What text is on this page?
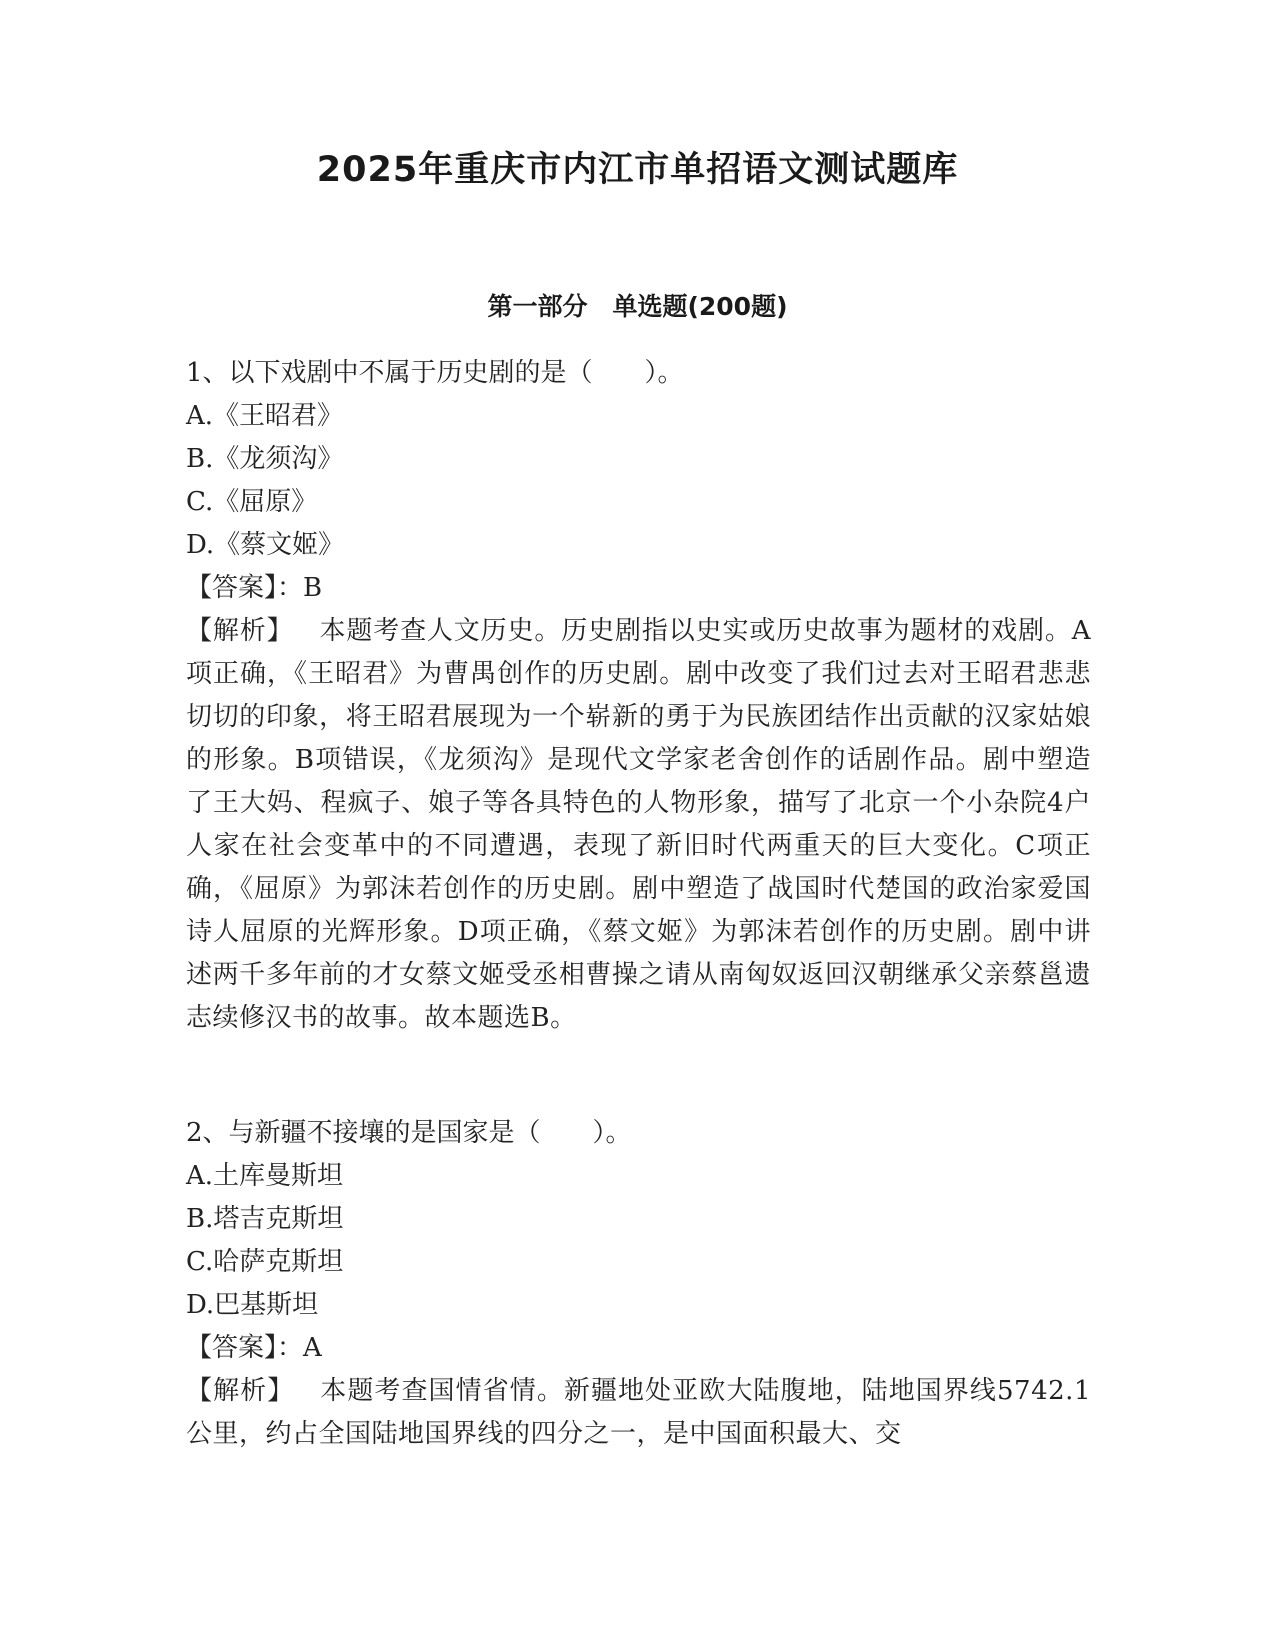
2025年重庆市内江市单招语文测试题库
第一部分　单选题(200题)
1、以下戏剧中不属于历史剧的是（　　）。
A.《王昭君》
B.《龙须沟》
C.《屈原》
D.《蔡文姬》
【答案】：B
【解析】 本题考查人文历史。历史剧指以史实或历史故事为题材的戏剧。A项正确，《王昭君》为曹禺创作的历史剧。剧中改变了我们过去对王昭君悲悲切切的印象，将王昭君展现为一个崭新的勇于为民族团结作出贡献的汉家姑娘的形象。B项错误，《龙须沟》是现代文学家老舍创作的话剧作品。剧中塑造了王大妈、程疯子、娘子等各具特色的人物形象，描写了北京一个小杂院4户人家在社会变革中的不同遭遇，表现了新旧时代两重天的巨大变化。C项正确，《屈原》为郭沫若创作的历史剧。剧中塑造了战国时代楚国的政治家爱国诗人屈原的光辉形象。D项正确，《蔡文姬》为郭沫若创作的历史剧。剧中讲述两千多年前的才女蔡文姬受丞相曹操之请从南匈奴返回汉朝继承父亲蔡邕遗志续修汉书的故事。故本题选B。
2、与新疆不接壤的是国家是（　　）。
A.土库曼斯坦
B.塔吉克斯坦
C.哈萨克斯坦
D.巴基斯坦
【答案】：A
【解析】 本题考查国情省情。新疆地处亚欧大陆腹地，陆地国界线5742.1公里，约占全国陆地国界线的四分之一，是中国面积最大、交
